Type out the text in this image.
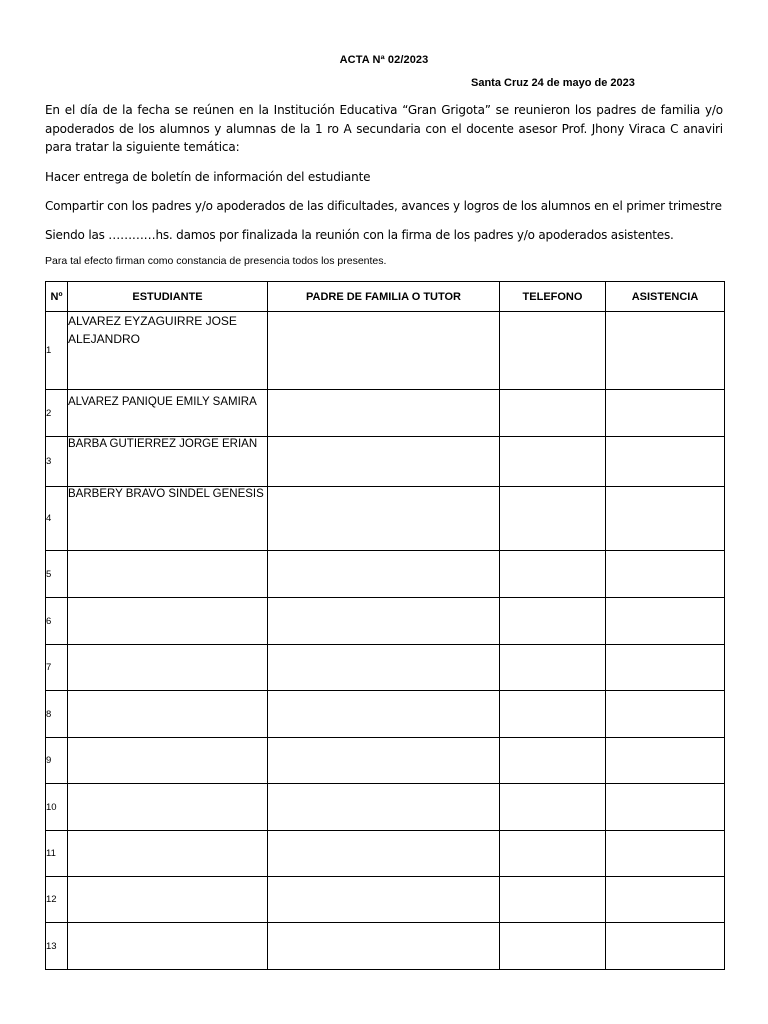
ACTA Nª 02/2023
Santa Cruz 24 de mayo de 2023
En el día de la fecha se reúnen en la Institución Educativa “Gran Grigota” se reunieron los padres de familia y/o apoderados de los alumnos y alumnas de la 1 ro A secundaria con el docente asesor Prof. Jhony Viraca C anaviri para tratar la siguiente temática:
Hacer entrega de boletín de información del estudiante
Compartir con los padres y/o apoderados de las dificultades, avances y logros de los alumnos en el primer trimestre
Siendo las …………hs. damos por finalizada la reunión con la firma de los padres y/o apoderados asistentes.
Para tal efecto firman como constancia de presencia todos los presentes.
Nº	ESTUDIANTE	PADRE DE FAMILIA O TUTOR	TELEFONO	ASISTENCIA
1	ALVAREZ EYZAGUIRRE JOSE ALEJANDRO			
2	ALVAREZ PANIQUE EMILY SAMIRA			
3	BARBA GUTIERREZ JORGE ERIAN			
4	BARBERY BRAVO SINDEL GENESIS			
5				
6				
7				
8				
9				
10				
11				
12				
13				
